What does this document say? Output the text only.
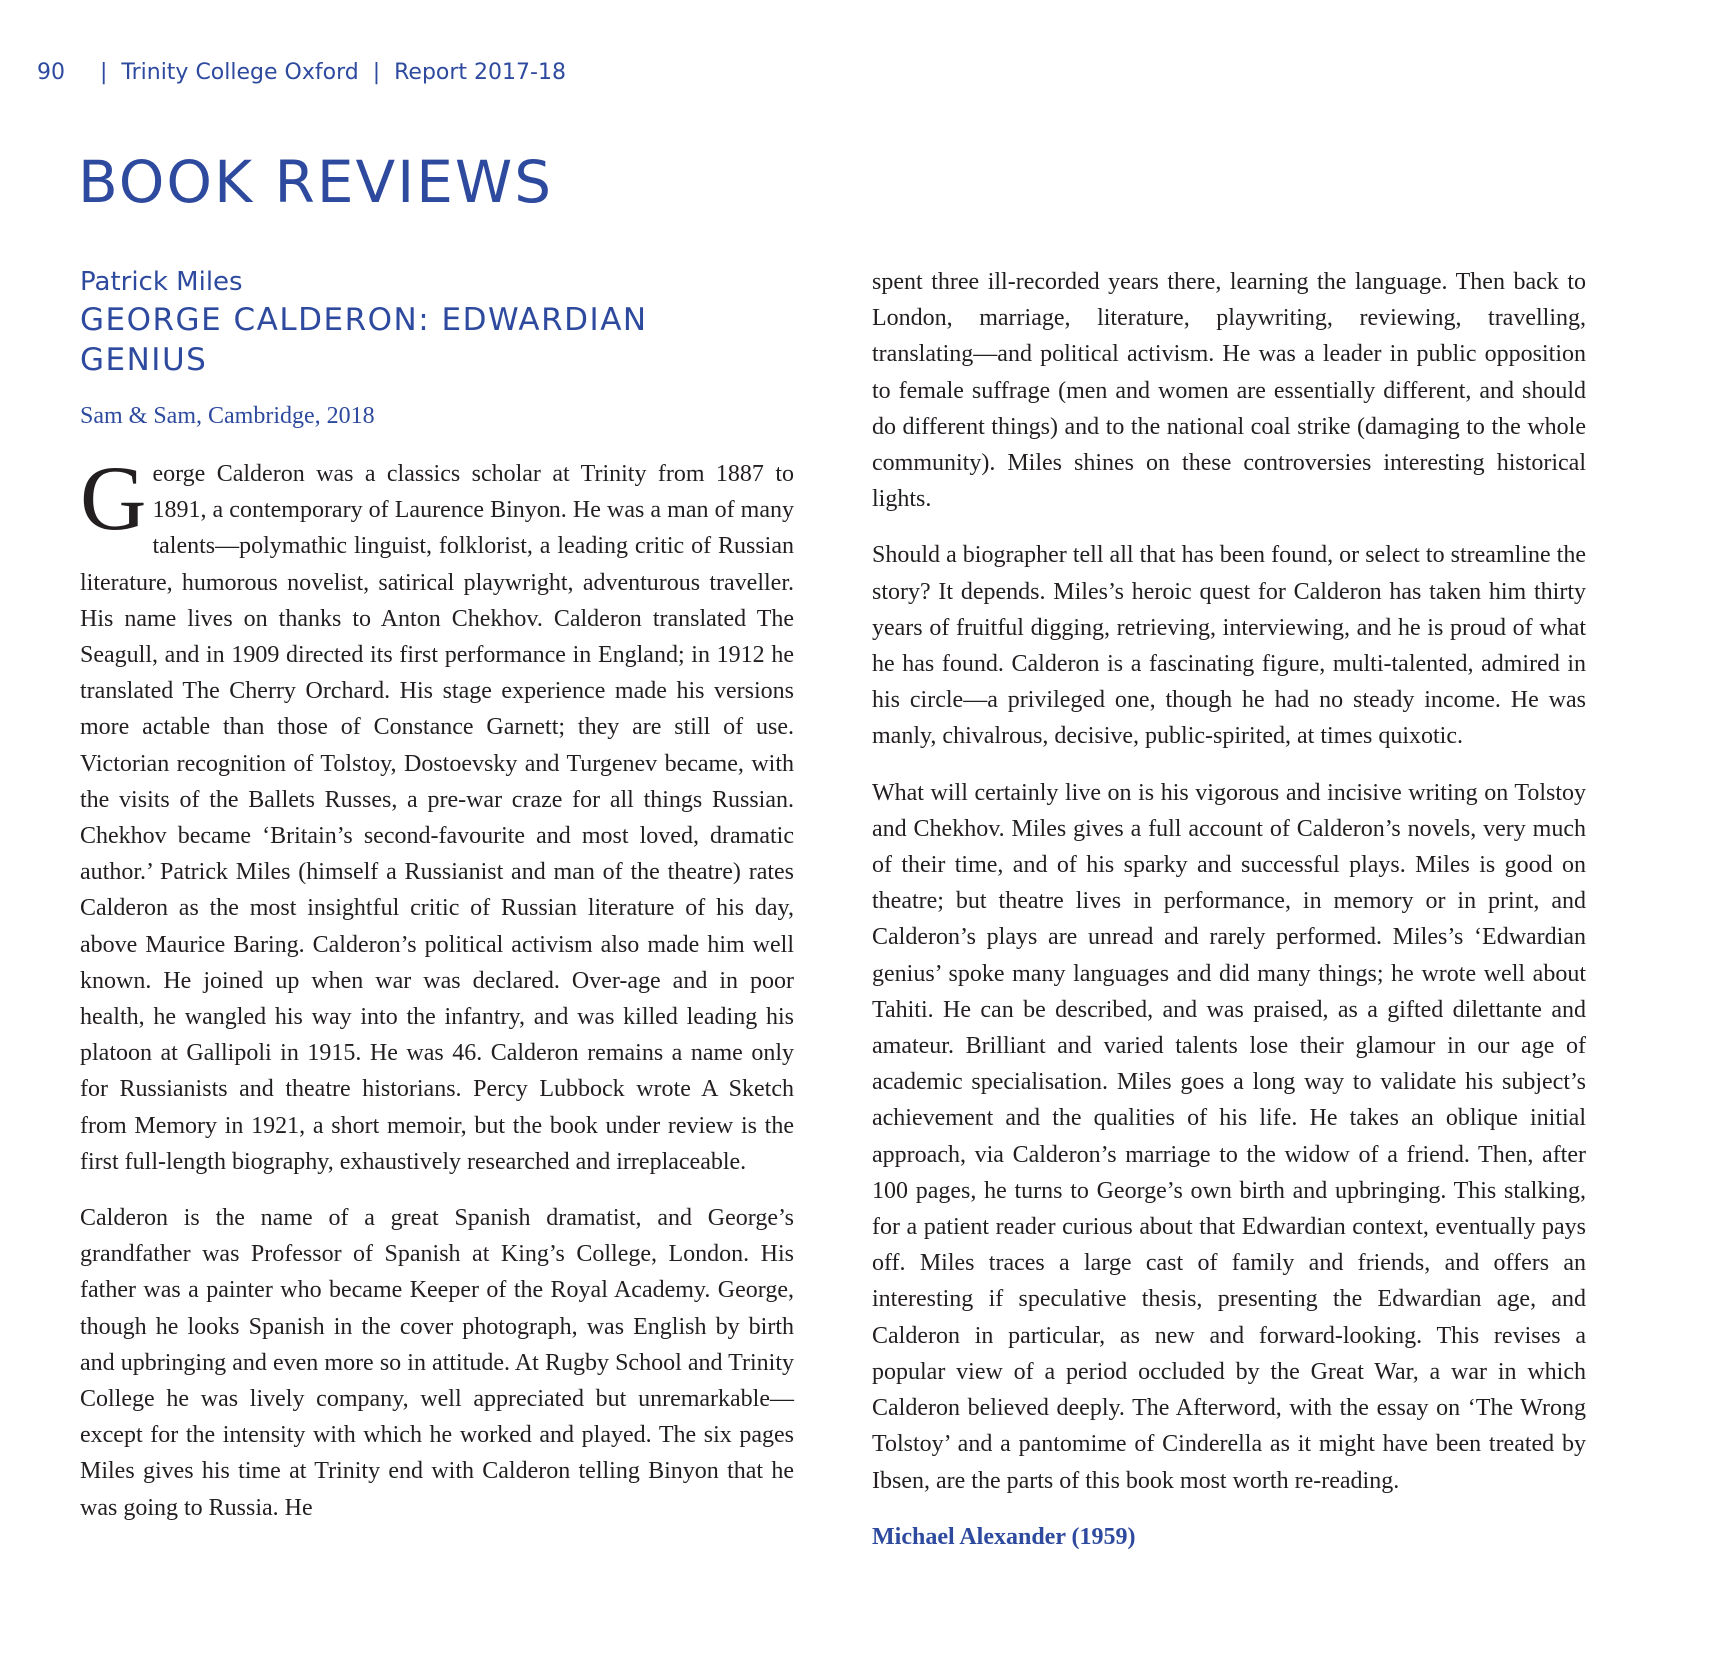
90 | Trinity College Oxford | Report 2017-18
BOOK REVIEWS
Patrick Miles
GEORGE CALDERON: EDWARDIAN GENIUS
Sam & Sam, Cambridge, 2018

George Calderon was a classics scholar at Trinity from 1887 to 1891, a contemporary of Laurence Binyon. He was a man of many talents—polymathic linguist, folklorist, a leading critic of Russian literature, humorous novelist, satirical playwright, adventurous traveller. His name lives on thanks to Anton Chekhov. Calderon translated The Seagull, and in 1909 directed its first performance in England; in 1912 he translated The Cherry Orchard. His stage experience made his versions more actable than those of Constance Garnett; they are still of use. Victorian recognition of Tolstoy, Dostoevsky and Turgenev became, with the visits of the Ballets Russes, a pre-war craze for all things Russian. Chekhov became ‘Britain’s second-favourite and most loved, dramatic author.’ Patrick Miles (himself a Russianist and man of the theatre) rates Calderon as the most insightful critic of Russian literature of his day, above Maurice Baring. Calderon’s political activism also made him well known. He joined up when war was declared. Over-age and in poor health, he wangled his way into the infantry, and was killed leading his platoon at Gallipoli in 1915. He was 46. Calderon remains a name only for Russianists and theatre historians. Percy Lubbock wrote A Sketch from Memory in 1921, a short memoir, but the book under review is the first full-length biography, exhaustively researched and irreplaceable.

Calderon is the name of a great Spanish dramatist, and George’s grandfather was Professor of Spanish at King’s College, London. His father was a painter who became Keeper of the Royal Academy. George, though he looks Spanish in the cover photograph, was English by birth and upbringing and even more so in attitude. At Rugby School and Trinity College he was lively company, well appreciated but unremarkable—except for the intensity with which he worked and played. The six pages Miles gives his time at Trinity end with Calderon telling Binyon that he was going to Russia. He

spent three ill-recorded years there, learning the language. Then back to London, marriage, literature, playwriting, reviewing, travelling, translating—and political activism. He was a leader in public opposition to female suffrage (men and women are essentially different, and should do different things) and to the national coal strike (damaging to the whole community). Miles shines on these controversies interesting historical lights.

Should a biographer tell all that has been found, or select to streamline the story? It depends. Miles’s heroic quest for Calderon has taken him thirty years of fruitful digging, retrieving, interviewing, and he is proud of what he has found. Calderon is a fascinating figure, multi-talented, admired in his circle—a privileged one, though he had no steady income. He was manly, chivalrous, decisive, public-spirited, at times quixotic.

What will certainly live on is his vigorous and incisive writing on Tolstoy and Chekhov. Miles gives a full account of Calderon’s novels, very much of their time, and of his sparky and successful plays. Miles is good on theatre; but theatre lives in performance, in memory or in print, and Calderon’s plays are unread and rarely performed. Miles’s ‘Edwardian genius’ spoke many languages and did many things; he wrote well about Tahiti. He can be described, and was praised, as a gifted dilettante and amateur. Brilliant and varied talents lose their glamour in our age of academic specialisation. Miles goes a long way to validate his subject’s achievement and the qualities of his life. He takes an oblique initial approach, via Calderon’s marriage to the widow of a friend. Then, after 100 pages, he turns to George’s own birth and upbringing. This stalking, for a patient reader curious about that Edwardian context, eventually pays off. Miles traces a large cast of family and friends, and offers an interesting if speculative thesis, presenting the Edwardian age, and Calderon in particular, as new and forward-looking. This revises a popular view of a period occluded by the Great War, a war in which Calderon believed deeply. The Afterword, with the essay on ‘The Wrong Tolstoy’ and a pantomime of Cinderella as it might have been treated by Ibsen, are the parts of this book most worth re-reading.

Michael Alexander (1959)
